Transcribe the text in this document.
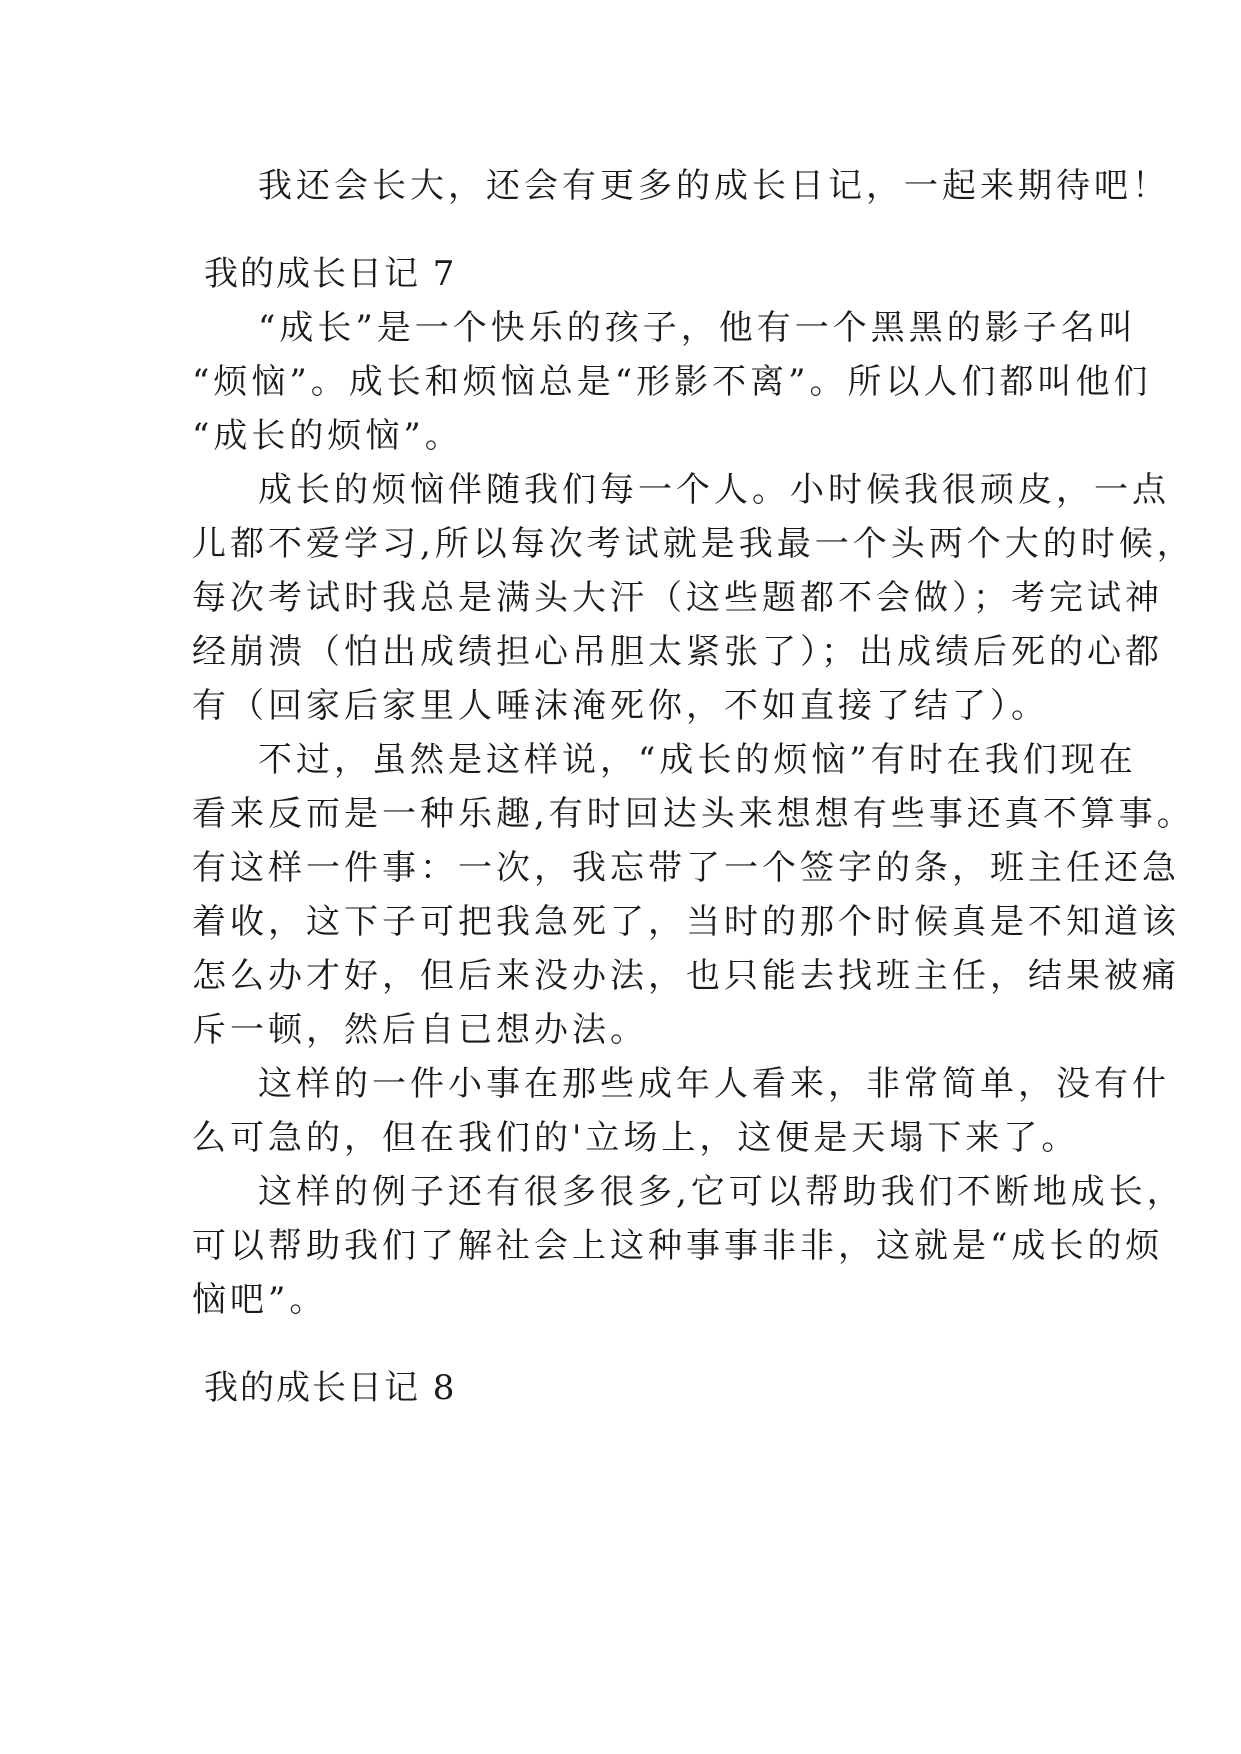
我还会长大，还会有更多的成长日记，一起来期待吧！
我的成长日记 7
“成长”是一个快乐的孩子，他有一个黑黑的影子名叫
“烦恼”。成长和烦恼总是“形影不离”。所以人们都叫他们
“成长的烦恼”。
成长的烦恼伴随我们每一个人。小时候我很顽皮，一点
儿都不爱学习,所以每次考试就是我最一个头两个大的时候，
每次考试时我总是满头大汗（这些题都不会做）；考完试神
经崩溃（怕出成绩担心吊胆太紧张了）；出成绩后死的心都
有（回家后家里人唾沫淹死你，不如直接了结了）。
不过，虽然是这样说，“成长的烦恼”有时在我们现在
看来反而是一种乐趣,有时回达头来想想有些事还真不算事。
有这样一件事：一次，我忘带了一个签字的条，班主任还急
着收，这下子可把我急死了，当时的那个时候真是不知道该
怎么办才好，但后来没办法，也只能去找班主任，结果被痛
斥一顿，然后自已想办法。
这样的一件小事在那些成年人看来，非常简单，没有什
么可急的，但在我们的'立场上，这便是天塌下来了。
这样的例子还有很多很多,它可以帮助我们不断地成长，
可以帮助我们了解社会上这种事事非非，这就是“成长的烦
恼吧”。
我的成长日记 8
